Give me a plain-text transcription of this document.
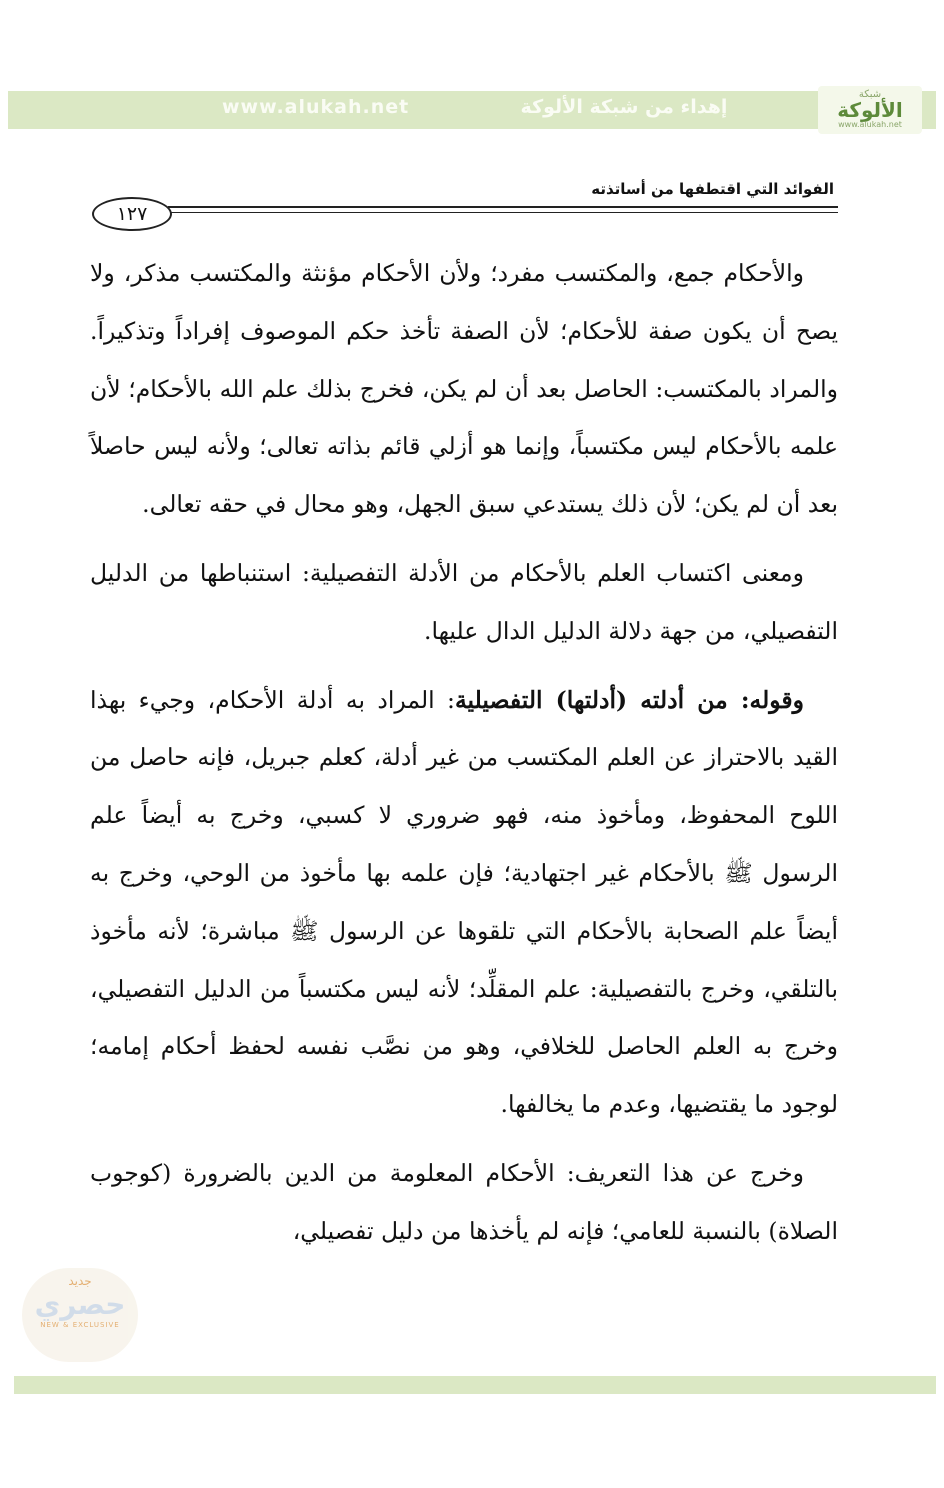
www.alukah.net	إهداء من شبكة الألوكة
شبكة
الألوكة
www.alukah.net
الفوائد التي اقتطفها من أساتذته
١٢٧

والأحكام جمع، والمكتسب مفرد؛ ولأن الأحكام مؤنثة والمكتسب مذكر، ولا يصح أن يكون صفة للأحكام؛ لأن الصفة تأخذ حكم الموصوف إفراداً وتذكيراً. والمراد بالمكتسب: الحاصل بعد أن لم يكن، فخرج بذلك علم الله بالأحكام؛ لأن علمه بالأحكام ليس مكتسباً، وإنما هو أزلي قائم بذاته تعالى؛ ولأنه ليس حاصلاً بعد أن لم يكن؛ لأن ذلك يستدعي سبق الجهل، وهو محال في حقه تعالى.

ومعنى اكتساب العلم بالأحكام من الأدلة التفصيلية: استنباطها من الدليل التفصيلي، من جهة دلالة الدليل الدال عليها.

وقوله: من أدلته (أدلتها) التفصيلية: المراد به أدلة الأحكام، وجيء بهذا القيد بالاحتراز عن العلم المكتسب من غير أدلة، كعلم جبريل، فإنه حاصل من اللوح المحفوظ، ومأخوذ منه، فهو ضروري لا كسبي، وخرج به أيضاً علم الرسول ﷺ بالأحكام غير اجتهادية؛ فإن علمه بها مأخوذ من الوحي، وخرج به أيضاً علم الصحابة بالأحكام التي تلقوها عن الرسول ﷺ مباشرة؛ لأنه مأخوذ بالتلقي، وخرج بالتفصيلية: علم المقلِّد؛ لأنه ليس مكتسباً من الدليل التفصيلي، وخرج به العلم الحاصل للخلافي، وهو من نصَّب نفسه لحفظ أحكام إمامه؛ لوجود ما يقتضيها، وعدم ما يخالفها.

وخرج عن هذا التعريف: الأحكام المعلومة من الدين بالضرورة (كوجوب الصلاة) بالنسبة للعامي؛ فإنه لم يأخذها من دليل تفصيلي،

جديد
حصري
NEW & EXCLUSIVE
